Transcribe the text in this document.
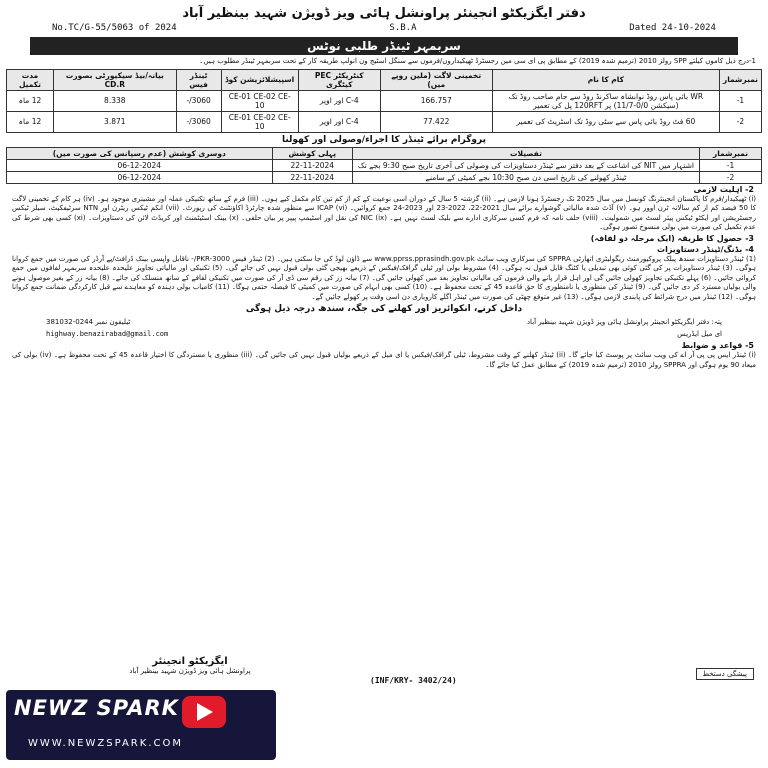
دفتر ایگزیکٹو انجینئر پراونشل ہائی ویز ڈویژن شہید بینظیر آباد
No.TC/G-55/5063 of 2024	S.B.A	Dated 24-10-2024
سربمہر ٹینڈر طلبی نوٹس
1-درج ذیل کاموں کیلئے SPP رولز 2010 (ترمیم شدہ 2019) کے مطابق پی ای سی میں رجسٹرڈ ٹھیکیداروں/فرموں سے سنگل اسٹیج ون انولپ طریقہ کار کے تحت سربمہر ٹینڈر مطلوب ہیں۔
نمبرشمار	کام کا نام	تخمینی لاگت (ملین روپے میں)	کنٹریکٹر PEC کیٹگری	اسپیشلائزیشن کوڈ	ٹینڈر فیس	بیانہ/بیڈ سیکیورٹی بصورت CD.R	مدت تکمیل
1-	WR بائی پاس روڈ نوابشاہ ساکرنڈ روڈ سے جام صاحب روڈ تک (سیکشن 0/0-11/7) پر 120RFT پل کی تعمیر	166.757	C-4 اور اوپر	CE-01 CE-02 CE-10	3060/-	8.338	12 ماہ
2-	60 فٹ روڈ بائی پاس سے سٹی روڈ تک اسٹریٹ کی تعمیر	77.422	C-4 اور اوپر	CE-01 CE-02 CE-10	3060/-	3.871	12 ماہ
پروگرام برائے ٹینڈر کا اجراء/وصولی اور کھولنا
نمبرشمار	تفصیلات	پہلی کوشش	دوسری کوشش (عدم رسپانس کی صورت میں)
1-	اشتہار میں NIT کی اشاعت کے بعد دفتر سے ٹینڈر دستاویزات کی وصولی کی آخری تاریخ صبح 9:30 بجے تک	22-11-2024	06-12-2024
2-	ٹینڈر کھولنے کی تاریخ اسی دن صبح 10:30 بجے کمیٹی کے سامنے	22-11-2024	06-12-2024
2- اہلیت لازمی
(i) ٹھیکیدار/فرم کا پاکستان انجینئرنگ کونسل میں سال 2025 تک رجسٹرڈ ہونا لازمی ہے۔ (ii) گزشتہ 5 سال کے دوران اسی نوعیت کے کم از کم تین کام مکمل کیے ہوں۔ (iii) فرم کے ساتھ تکنیکی عملہ اور مشینری موجود ہو۔ (iv) ہر کام کے تخمینی لاگت کا 50 فیصد کم از کم سالانہ ٹرن اوور ہو۔ (v) آڈٹ شدہ مالیاتی گوشوارے برائے سال 2021-22، 2022-23 اور 2023-24 جمع کروائیں۔ (vi) ICAP سے منظور شدہ چارٹرڈ اکاؤنٹنٹ کی رپورٹ۔ (vii) انکم ٹیکس ریٹرن اور NTN سرٹیفکیٹ، سیلز ٹیکس رجسٹریشن اور ایکٹو ٹیکس پیئر لسٹ میں شمولیت۔ (viii) حلف نامہ کہ فرم کسی سرکاری ادارے سے بلیک لسٹ نہیں ہے۔ (ix) NIC کی نقل اور اسٹیمپ پیپر پر بیان حلفی۔ (x) بینک اسٹیٹمنٹ اور کریڈٹ لائن کی دستاویزات۔ (xi) کسی بھی شرط کی عدم تکمیل کی صورت میں بولی منسوخ تصور ہوگی۔
3- حصول کا طریقہ (ایک مرحلہ دو لفافہ)
4- بڈنگ/ٹینڈر دستاویزات
(1) ٹینڈر دستاویزات سندھ پبلک پروکیورمنٹ ریگولیٹری اتھارٹی SPPRA کی سرکاری ویب سائٹ www.pprss.pprasindh.gov.pk سے ڈاؤن لوڈ کی جا سکتی ہیں۔ (2) ٹینڈر فیس PKR-3000/- ناقابل واپسی بینک ڈرافٹ/پے آرڈر کی صورت میں جمع کروانا ہوگی۔ (3) ٹینڈر دستاویزات پر کی گئی کوئی بھی تبدیلی یا کٹنگ قابل قبول نہ ہوگی۔ (4) مشروط بولی اور ٹیلی گرافک/فیکس کے ذریعے بھیجی گئی بولی قبول نہیں کی جائے گی۔ (5) تکنیکی اور مالیاتی تجاویز علیحدہ علیحدہ سربمہر لفافوں میں جمع کروائی جائیں۔ (6) پہلے تکنیکی تجاویز کھولی جائیں گی اور اہل قرار پانے والی فرموں کی مالیاتی تجاویز بعد میں کھولی جائیں گی۔ (7) بیانہ زر کی رقم سی ڈی آر کی صورت میں تکنیکی لفافے کے ساتھ منسلک کی جائے۔ (8) بیانہ زر کے بغیر موصول ہونے والی بولیاں مسترد کر دی جائیں گی۔ (9) ٹینڈر کی منظوری یا نامنظوری کا حق قاعدہ 45 کے تحت محفوظ ہے۔ (10) کسی بھی ابہام کی صورت میں کمیٹی کا فیصلہ حتمی ہوگا۔ (11) کامیاب بولی دہندہ کو معاہدے سے قبل کارکردگی ضمانت جمع کروانا ہوگی۔ (12) ٹینڈر میں درج شرائط کی پابندی لازمی ہوگی۔ (13) غیر متوقع چھٹی کی صورت میں ٹینڈر اگلے کاروباری دن اسی وقت پر کھولے جائیں گے۔
داخل کرنے، انکوائریز اور کھلنے کی جگہ، سندھ درجہ ذیل ہوگی
پتہ: دفتر ایگزیکٹو انجینئر پراونشل ہائی ویز ڈویژن شہید بینظیر آباد
ٹیلیفون نمبر 0244-381032
ای میل ایڈریس
highway.benazirabad@gmail.com
5- قواعد و ضوابط
(i) ٹینڈر ایس پی پی آر اے کی ویب سائٹ پر پوسٹ کیا جائے گا۔ (ii) ٹینڈر کھلنے کے وقت مشروط، ٹیلی گرافک/فیکس یا ای میل کے ذریعے بولیاں قبول نہیں کی جائیں گی۔ (iii) منظوری یا مستردگی کا اختیار قاعدہ 45 کے تحت محفوظ ہے۔ (iv) بولی کی میعاد 90 یوم ہوگی اور SPPRA رولز 2010 (ترمیم شدہ 2019) کے مطابق عمل کیا جائے گا۔
ایگزیکٹو انجینئر
پراونشل ہائی ویز ڈویژن شہید بینظیر آباد
(INF/KRY- 3402/24)
پیشگی دستخط
NEWZ SPARK
WWW.NEWZSPARK.COM
